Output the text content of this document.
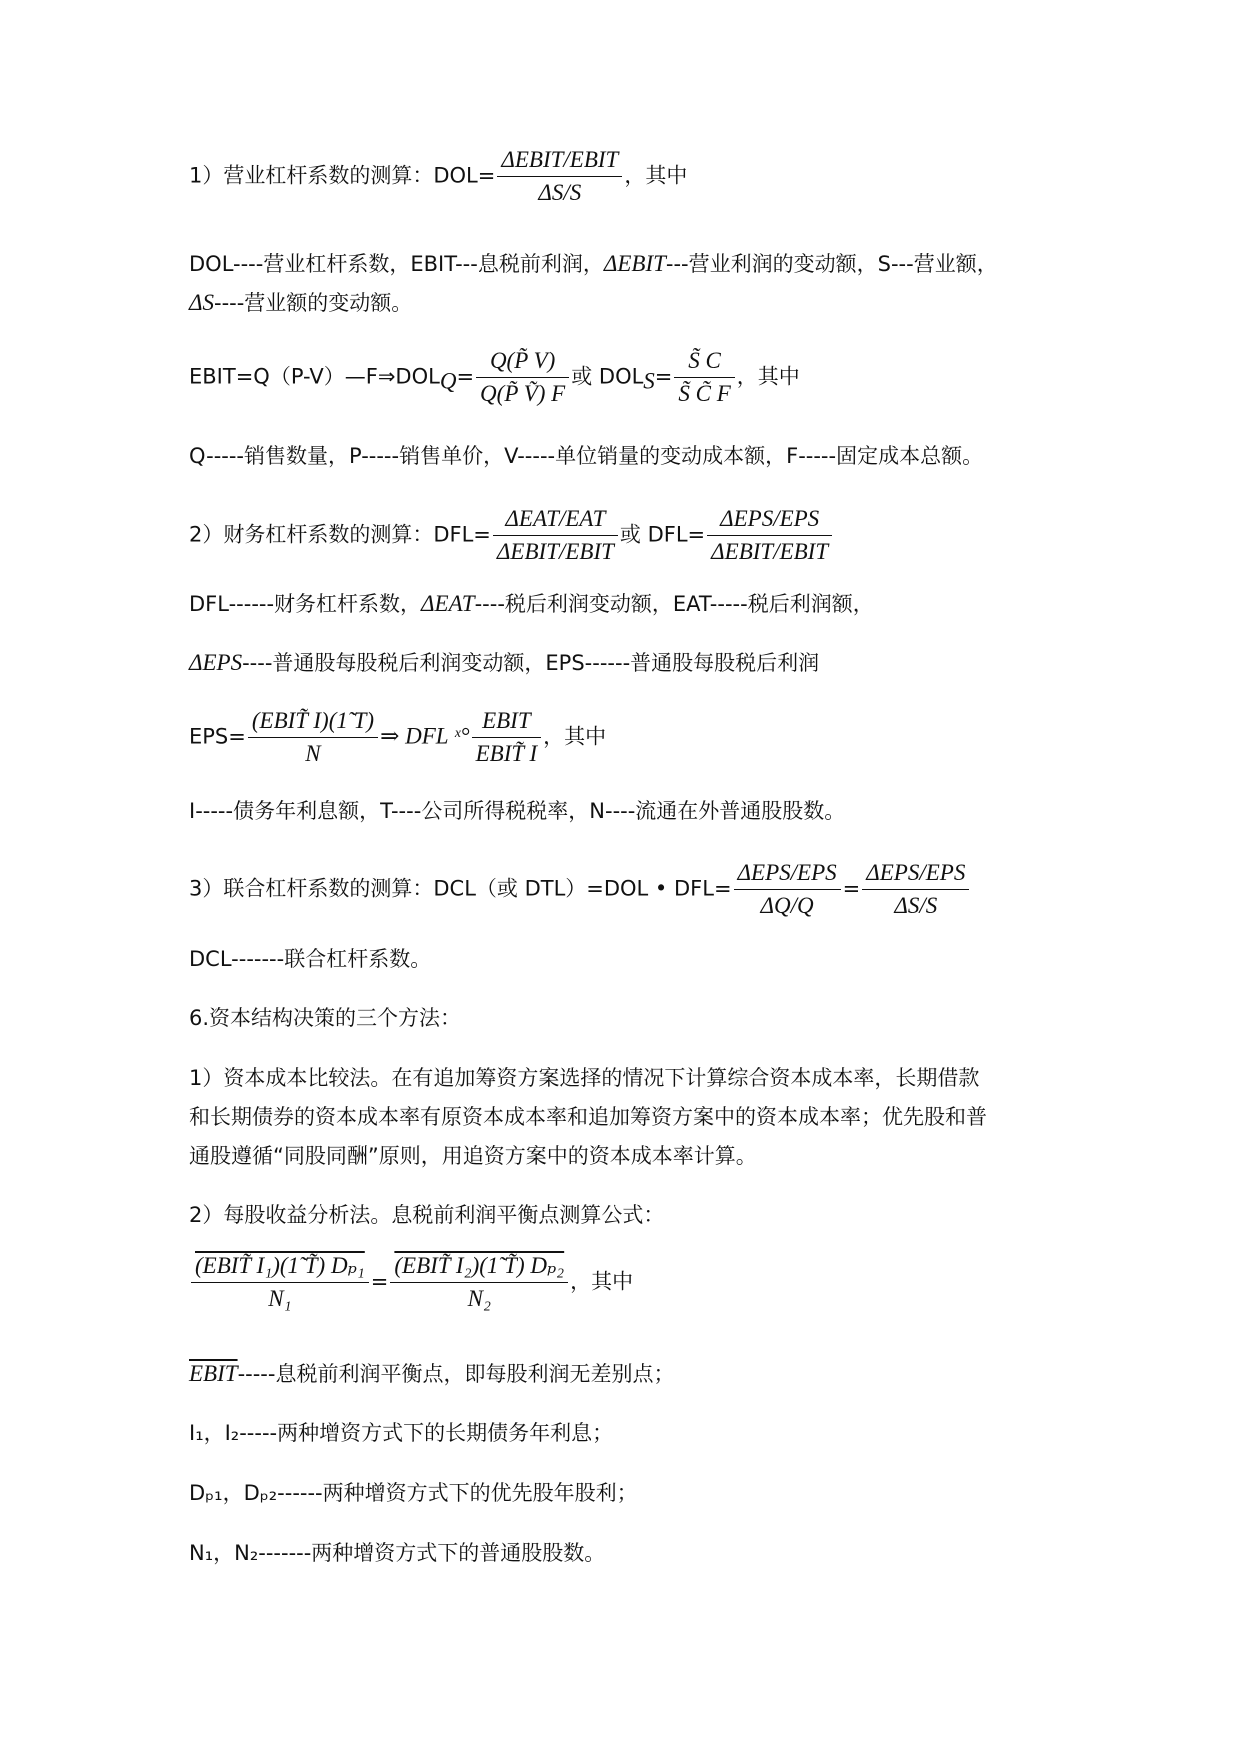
1）营业杠杆系数的测算：$DOL= \frac{\text{ΔEBIT/EBIT}}{\Delta S/S}$ ，其中
DOL----营业杠杆系数，EBIT---息税前利润，ΔEBIT---营业利润的变动额，S---营业额，
ΔS----营业额的变动额。
$EBIT=Q(P-V)—F\Rightarrow DOL_Q= \frac{Q(P̃ V)}{\text{Q(P̃ Ṽ) F}}$ 或 $DOL_S= \frac{S̃ C}{S̃ C̃ F}$ ，其中
Q-----销售数量，P-----销售单价，V-----单位销量的变动成本额，F-----固定成本总额。
2）财务杠杆系数的测算：$DFL= \frac{\text{ΔEAT/EAT}}{\text{ΔEBIT/EBIT}}$ 或 $DFL= \frac{\text{ΔEPS/EPS}}{\text{ΔEBIT/EBIT}}$
DFL------财务杠杆系数，ΔEAT----税后利润变动额，EAT-----税后利润额，
ΔEPS----普通股每股税后利润变动额，EPS------普通股每股税后利润
$EPS= \frac{\text{(EBIT̃ I)(1̃ T)}}{N}$ ⇒ DFL ˣ° $\frac{\text{EBIT}}{\text{EBIT̃ I}}$ ，其中
I-----债务年利息额，T----公司所得税税率，N----流通在外普通股股数。
3）联合杠杆系数的测算：DCL（或 DTL）=DOL • $DFL= \frac{\text{ΔEPS/EPS}}{\Delta Q/Q} = \frac{\text{ΔEPS/EPS}}{\Delta S/S}$
DCL-------联合杠杆系数。
6.资本结构决策的三个方法：
1）资本成本比较法。在有追加筹资方案选择的情况下计算综合资本成本率，长期借款
和长期债券的资本成本率有原资本成本率和追加筹资方案中的资本成本率；优先股和普
通股遵循“同股同酬”原则，用追资方案中的资本成本率计算。
2）每股收益分析法。息税前利润平衡点测算公式：
$\frac{\text{(EBIT̃ I₁)(1̃ T̃) Dₚ₁}}{\text{N₁}} = \frac{\text{(EBIT̃ I₂)(1̃ T̃) Dₚ₂}}{\text{N₂}}$ ，其中
EBIT-----息税前利润平衡点，即每股利润无差别点；
I₁，I₂-----两种增资方式下的长期债务年利息；
Dₚ₁，Dₚ₂------两种增资方式下的优先股年股利；
N₁，N₂-------两种增资方式下的普通股股数。
